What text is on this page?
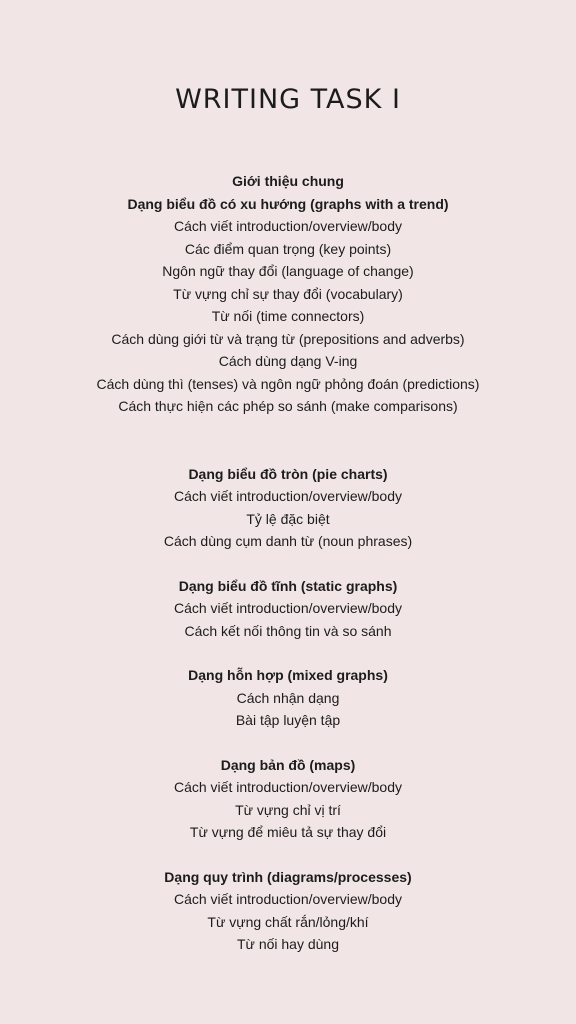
WRITING TASK I
Giới thiệu chung
Dạng biểu đồ có xu hướng (graphs with a trend)
Cách viết introduction/overview/body
Các điểm quan trọng (key points)
Ngôn ngữ thay đổi (language of change)
Từ vựng chỉ sự thay đổi (vocabulary)
Từ nối (time connectors)
Cách dùng giới từ và trạng từ (prepositions and adverbs)
Cách dùng dạng V-ing
Cách dùng thì (tenses) và ngôn ngữ phỏng đoán (predictions)
Cách thực hiện các phép so sánh (make comparisons)
Dạng biểu đồ tròn (pie charts)
Cách viết introduction/overview/body
Tỷ lệ đặc biệt
Cách dùng cụm danh từ (noun phrases)
Dạng biểu đồ tĩnh (static graphs)
Cách viết introduction/overview/body
Cách kết nối thông tin và so sánh
Dạng hỗn hợp (mixed graphs)
Cách nhận dạng
Bài tập luyện tập
Dạng bản đồ (maps)
Cách viết introduction/overview/body
Từ vựng chỉ vị trí
Từ vựng để miêu tả sự thay đổi
Dạng quy trình (diagrams/processes)
Cách viết introduction/overview/body
Từ vựng chất rắn/lỏng/khí
Từ nối hay dùng
